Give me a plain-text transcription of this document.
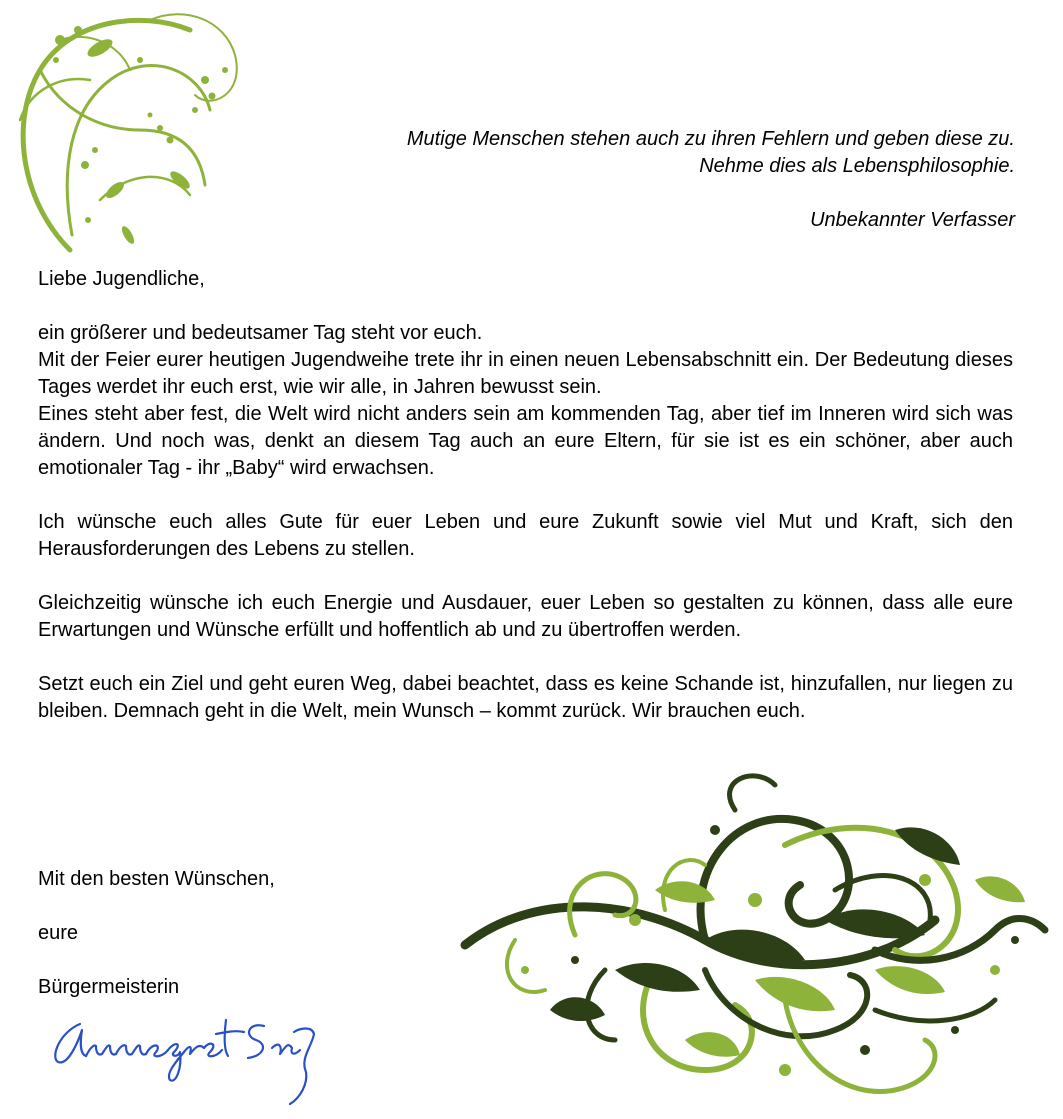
Mutige Menschen stehen auch zu ihren Fehlern und geben diese zu.
Nehme dies als Lebensphilosophie.
Unbekannter Verfasser

Liebe Jugendliche,

ein größerer und bedeutsamer Tag steht vor euch.

Mit der Feier eurer heutigen Jugendweihe trete ihr in einen neuen Lebensabschnitt ein. Der Bedeutung dieses Tages werdet ihr euch erst, wie wir alle, in Jahren bewusst sein.

Eines steht aber fest, die Welt wird nicht anders sein am kommenden Tag, aber tief im Inneren wird sich was ändern. Und noch was, denkt an diesem Tag auch an eure Eltern, für sie ist es ein schöner, aber auch emotionaler Tag - ihr „Baby“ wird erwachsen.

Ich wünsche euch alles Gute für euer Leben und eure Zukunft sowie viel Mut und Kraft, sich den Herausforderungen des Lebens zu stellen.

Gleichzeitig wünsche ich euch Energie und Ausdauer, euer Leben so gestalten zu können, dass alle eure Erwartungen und Wünsche erfüllt und hoffentlich ab und zu übertroffen werden.

Setzt euch ein Ziel und geht euren Weg, dabei beachtet, dass es keine Schande ist, hinzufallen, nur liegen zu bleiben. Demnach geht in die Welt, mein Wunsch – kommt zurück. Wir brauchen euch.

Mit den besten Wünschen,
eure
Bürgermeisterin
